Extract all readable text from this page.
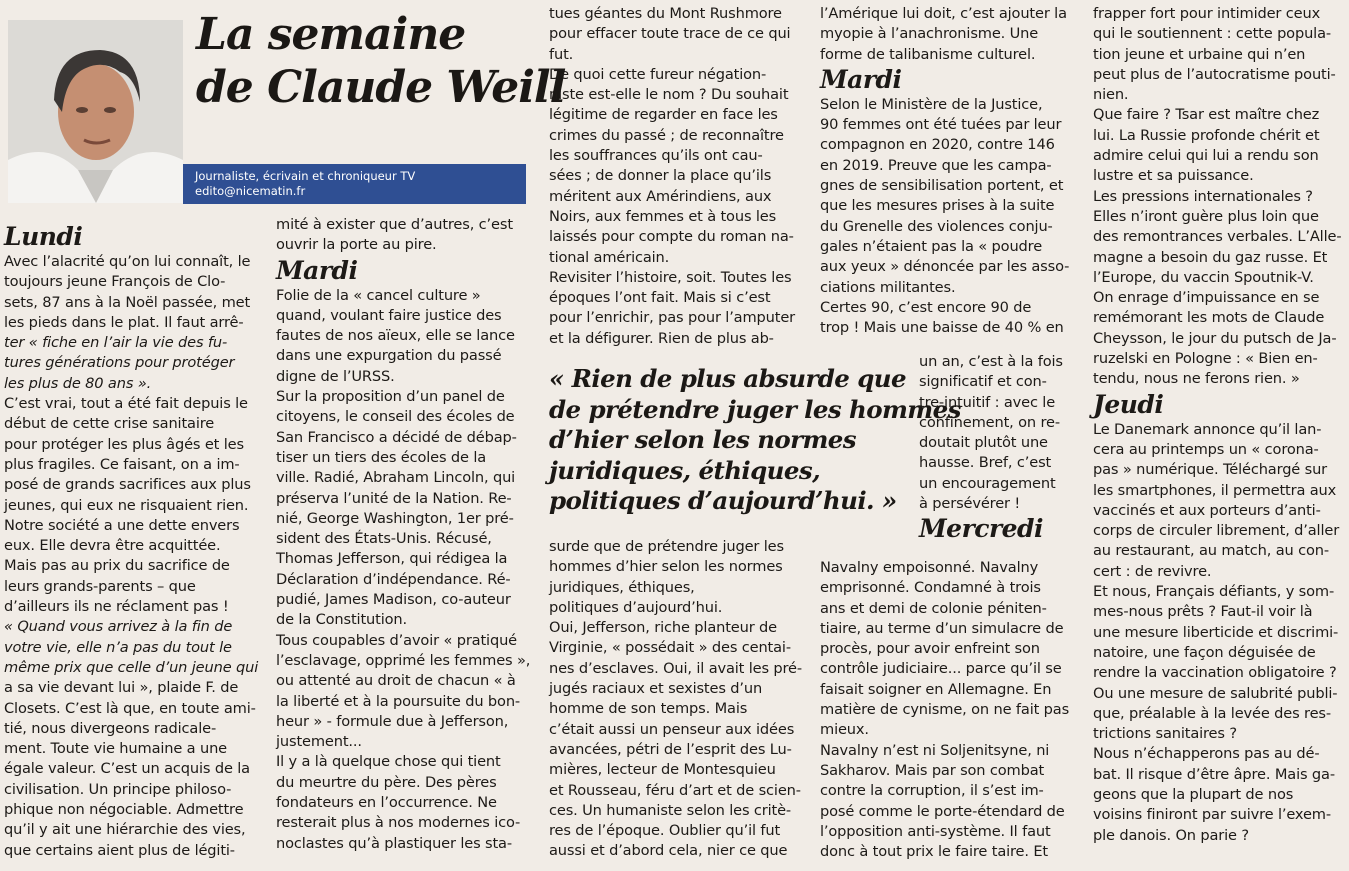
La semaine
de Claude Weill
Journaliste, écrivain et chroniqueur TV
edito@nicematin.fr
Lundi

Avec l’alacrité qu’on lui connaît, le
toujours jeune François de Clo-
sets, 87 ans à la Noël passée, met
les pieds dans le plat. Il faut arrê-
ter « fiche en l’air la vie des fu-
tures générations pour protéger
les plus de 80 ans ».
C’est vrai, tout a été fait depuis le
début de cette crise sanitaire
pour protéger les plus âgés et les
plus fragiles. Ce faisant, on a im-
posé de grands sacrifices aux plus
jeunes, qui eux ne risquaient rien.
Notre société a une dette envers
eux. Elle devra être acquittée.
Mais pas au prix du sacrifice de
leurs grands-parents – que
d’ailleurs ils ne réclament pas !
« Quand vous arrivez à la fin de
votre vie, elle n’a pas du tout le
même prix que celle d’un jeune qui
a sa vie devant lui », plaide F. de
Closets. C’est là que, en toute ami-
tié, nous divergeons radicale-
ment. Toute vie humaine a une
égale valeur. C’est un acquis de la
civilisation. Un principe philoso-
phique non négociable. Admettre
qu’il y ait une hiérarchie des vies,
que certains aient plus de légiti-

mité à exister que d’autres, c’est
ouvrir la porte au pire.

Mardi

Folie de la « cancel culture »
quand, voulant faire justice des
fautes de nos aïeux, elle se lance
dans une expurgation du passé
digne de l’URSS.
Sur la proposition d’un panel de
citoyens, le conseil des écoles de
San Francisco a décidé de débap-
tiser un tiers des écoles de la
ville. Radié, Abraham Lincoln, qui
préserva l’unité de la Nation. Re-
nié, George Washington, 1er pré-
sident des États-Unis. Récusé,
Thomas Jefferson, qui rédigea la
Déclaration d’indépendance. Ré-
pudié, James Madison, co-auteur
de la Constitution.
Tous coupables d’avoir « pratiqué
l’esclavage, opprimé les femmes »,
ou attenté au droit de chacun « à
la liberté et à la poursuite du bon-
heur » - formule due à Jefferson,
justement...
Il y a là quelque chose qui tient
du meurtre du père. Des pères
fondateurs en l’occurrence. Ne
resterait plus à nos modernes ico-
noclastes qu’à plastiquer les sta-

tues géantes du Mont Rushmore
pour effacer toute trace de ce qui
fut.
De quoi cette fureur négation-
niste est-elle le nom ? Du souhait
légitime de regarder en face les
crimes du passé ; de reconnaître
les souffrances qu’ils ont cau-
sées ; de donner la place qu’ils
méritent aux Amérindiens, aux
Noirs, aux femmes et à tous les
laissés pour compte du roman na-
tional américain.
Revisiter l’histoire, soit. Toutes les
époques l’ont fait. Mais si c’est
pour l’enrichir, pas pour l’amputer
et la défigurer. Rien de plus ab-

« Rien de plus absurde que
de prétendre juger les hommes
d’hier selon les normes
juridiques, éthiques,
politiques d’aujourd’hui. »

surde que de prétendre juger les
hommes d’hier selon les normes
juridiques, éthiques,
politiques d’aujourd’hui.
Oui, Jefferson, riche planteur de
Virginie, « possédait » des centai-
nes d’esclaves. Oui, il avait les pré-
jugés raciaux et sexistes d’un
homme de son temps. Mais
c’était aussi un penseur aux idées
avancées, pétri de l’esprit des Lu-
mières, lecteur de Montesquieu
et Rousseau, féru d’art et de scien-
ces. Un humaniste selon les critè-
res de l’époque. Oublier qu’il fut
aussi et d’abord cela, nier ce que

l’Amérique lui doit, c’est ajouter la
myopie à l’anachronisme. Une
forme de talibanisme culturel.

Mardi

Selon le Ministère de la Justice,
90 femmes ont été tuées par leur
compagnon en 2020, contre 146
en 2019. Preuve que les campa-
gnes de sensibilisation portent, et
que les mesures prises à la suite
du Grenelle des violences conju-
gales n’étaient pas la « poudre
aux yeux » dénoncée par les asso-
ciations militantes.
Certes 90, c’est encore 90 de
trop ! Mais une baisse de 40 % en

un an, c’est à la fois
significatif et con-
tre-intuitif : avec le
confinement, on re-
doutait plutôt une
hausse. Bref, c’est
un encouragement
à persévérer !

Mercredi

Navalny empoisonné. Navalny
emprisonné. Condamné à trois
ans et demi de colonie péniten-
tiaire, au terme d’un simulacre de
procès, pour avoir enfreint son
contrôle judiciaire... parce qu’il se
faisait soigner en Allemagne. En
matière de cynisme, on ne fait pas
mieux.
Navalny n’est ni Soljenitsyne, ni
Sakharov. Mais par son combat
contre la corruption, il s’est im-
posé comme le porte-étendard de
l’opposition anti-système. Il faut
donc à tout prix le faire taire. Et

frapper fort pour intimider ceux
qui le soutiennent : cette popula-
tion jeune et urbaine qui n’en
peut plus de l’autocratisme pouti-
nien.
Que faire ? Tsar est maître chez
lui. La Russie profonde chérit et
admire celui qui lui a rendu son
lustre et sa puissance.
Les pressions internationales ?
Elles n’iront guère plus loin que
des remontrances verbales. L’Alle-
magne a besoin du gaz russe. Et
l’Europe, du vaccin Spoutnik-V.
On enrage d’impuissance en se
remémorant les mots de Claude
Cheysson, le jour du putsch de Ja-
ruzelski en Pologne : « Bien en-
tendu, nous ne ferons rien. »

Jeudi

Le Danemark annonce qu’il lan-
cera au printemps un « corona-
pas » numérique. Téléchargé sur
les smartphones, il permettra aux
vaccinés et aux porteurs d’anti-
corps de circuler librement, d’aller
au restaurant, au match, au con-
cert : de revivre.
Et nous, Français défiants, y som-
mes-nous prêts ? Faut-il voir là
une mesure liberticide et discrimi-
natoire, une façon déguisée de
rendre la vaccination obligatoire ?
Ou une mesure de salubrité publi-
que, préalable à la levée des res-
trictions sanitaires ?
Nous n’échapperons pas au dé-
bat. Il risque d’être âpre. Mais ga-
geons que la plupart de nos
voisins finiront par suivre l’exem-
ple danois. On parie ?
